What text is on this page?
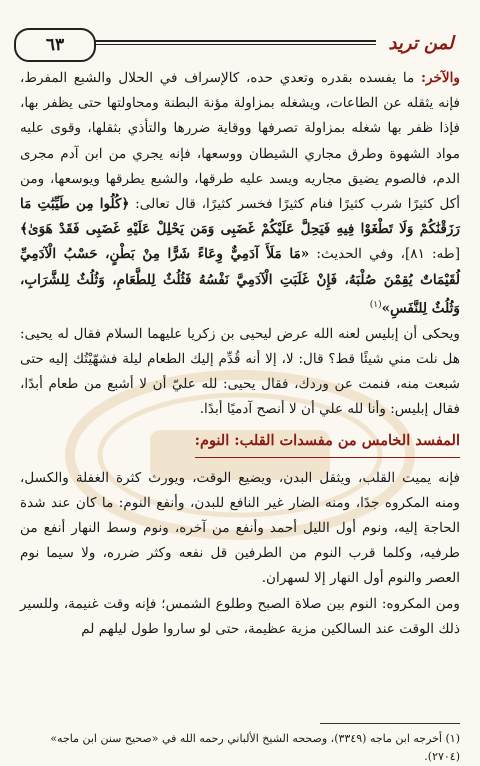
٦٣	لمن تريد

والآخر: ما يفسده بقدره وتعدي حده، كالإسراف في الحلال والشبع المفرط، فإنه يثقله عن الطاعات، ويشغله بمزاولة مؤنة البطنة ومحاولتها حتى يظفر بها، فإذا ظفر بها شغله بمزاولة تصرفها ووقاية ضررها والتأذي بثقلها، وقوى عليه مواد الشهوة وطرق مجاري الشيطان ووسعها، فإنه يجري من ابن آدم مجرى الدم، فالصوم يضيق مجاريه ويسد عليه طرقها، والشبع يطرقها ويوسعها، ومن أكل كثيرًا شرب كثيرًا فنام كثيرًا فخسر كثيرًا، قال تعالى: ﴿كُلُوا مِن طَيِّبَٰتِ مَا رَزَقْنَٰكُمْ وَلَا تَطْغَوْا فِيهِ فَيَحِلَّ عَلَيْكُمْ غَضَبِى وَمَن يَحْلِلْ عَلَيْهِ غَضَبِى فَقَدْ هَوَىٰ﴾ [طه: ٨١]، وفي الحديث: «مَا مَلَأَ آدَمِيٌّ وِعَاءً شَرًّا مِنْ بَطْنٍ، حَسْبُ الْآدَمِيِّ لُقَيْمَاتٌ يُقِمْنَ صُلْبَهُ، فَإِنْ غَلَبَتِ الْآدَمِيَّ نَفْسُهُ فَثُلُثٌ لِلطَّعَامِ، وَثُلُثٌ لِلشَّرَابِ، وَثُلُثٌ لِلنَّفَسِ»$^{(١)}$

ويحكى أن إبليس لعنه الله عرض ليحيى بن زكريا عليهما السلام فقال له يحيى: هل نلت مني شيئًا قط؟ قال: لا، إلا أنه قُدِّم إليك الطعام ليلة فشهّيْتُك إليه حتى شبعت منه، فنمت عن وردك، فقال يحيى: لله عليّ أن لا أشبع من طعام أبدًا، فقال إبليس: وأنا لله علي أن لا أنصح آدميًا أبدًا.

المفسد الخامس من مفسدات القلب: النوم:

فإنه يميت القلب، ويثقل البدن، ويضيع الوقت، ويورث كثرة الغفلة والكسل، ومنه المكروه جدًا، ومنه الضار غير النافع للبدن، وأنفع النوم: ما كان عند شدة الحاجة إليه، ونوم أول الليل أحمد وأنفع من آخره، ونوم وسط النهار أنفع من طرفيه، وكلما قرب النوم من الطرفين قل نفعه وكثر ضرره، ولا سيما نوم العصر والنوم أول النهار إلا لسهران.

ومن المكروه: النوم بين صلاة الصبح وطلوع الشمس؛ فإنه وقت غنيمة، وللسير ذلك الوقت عند السالكين مزية عظيمة، حتى لو ساروا طول ليلهم لم

(١) أخرجه ابن ماجه (٣٣٤٩)، وصححه الشيخ الألباني رحمه الله في «صحيح سنن ابن ماجه» (٢٧٠٤).
